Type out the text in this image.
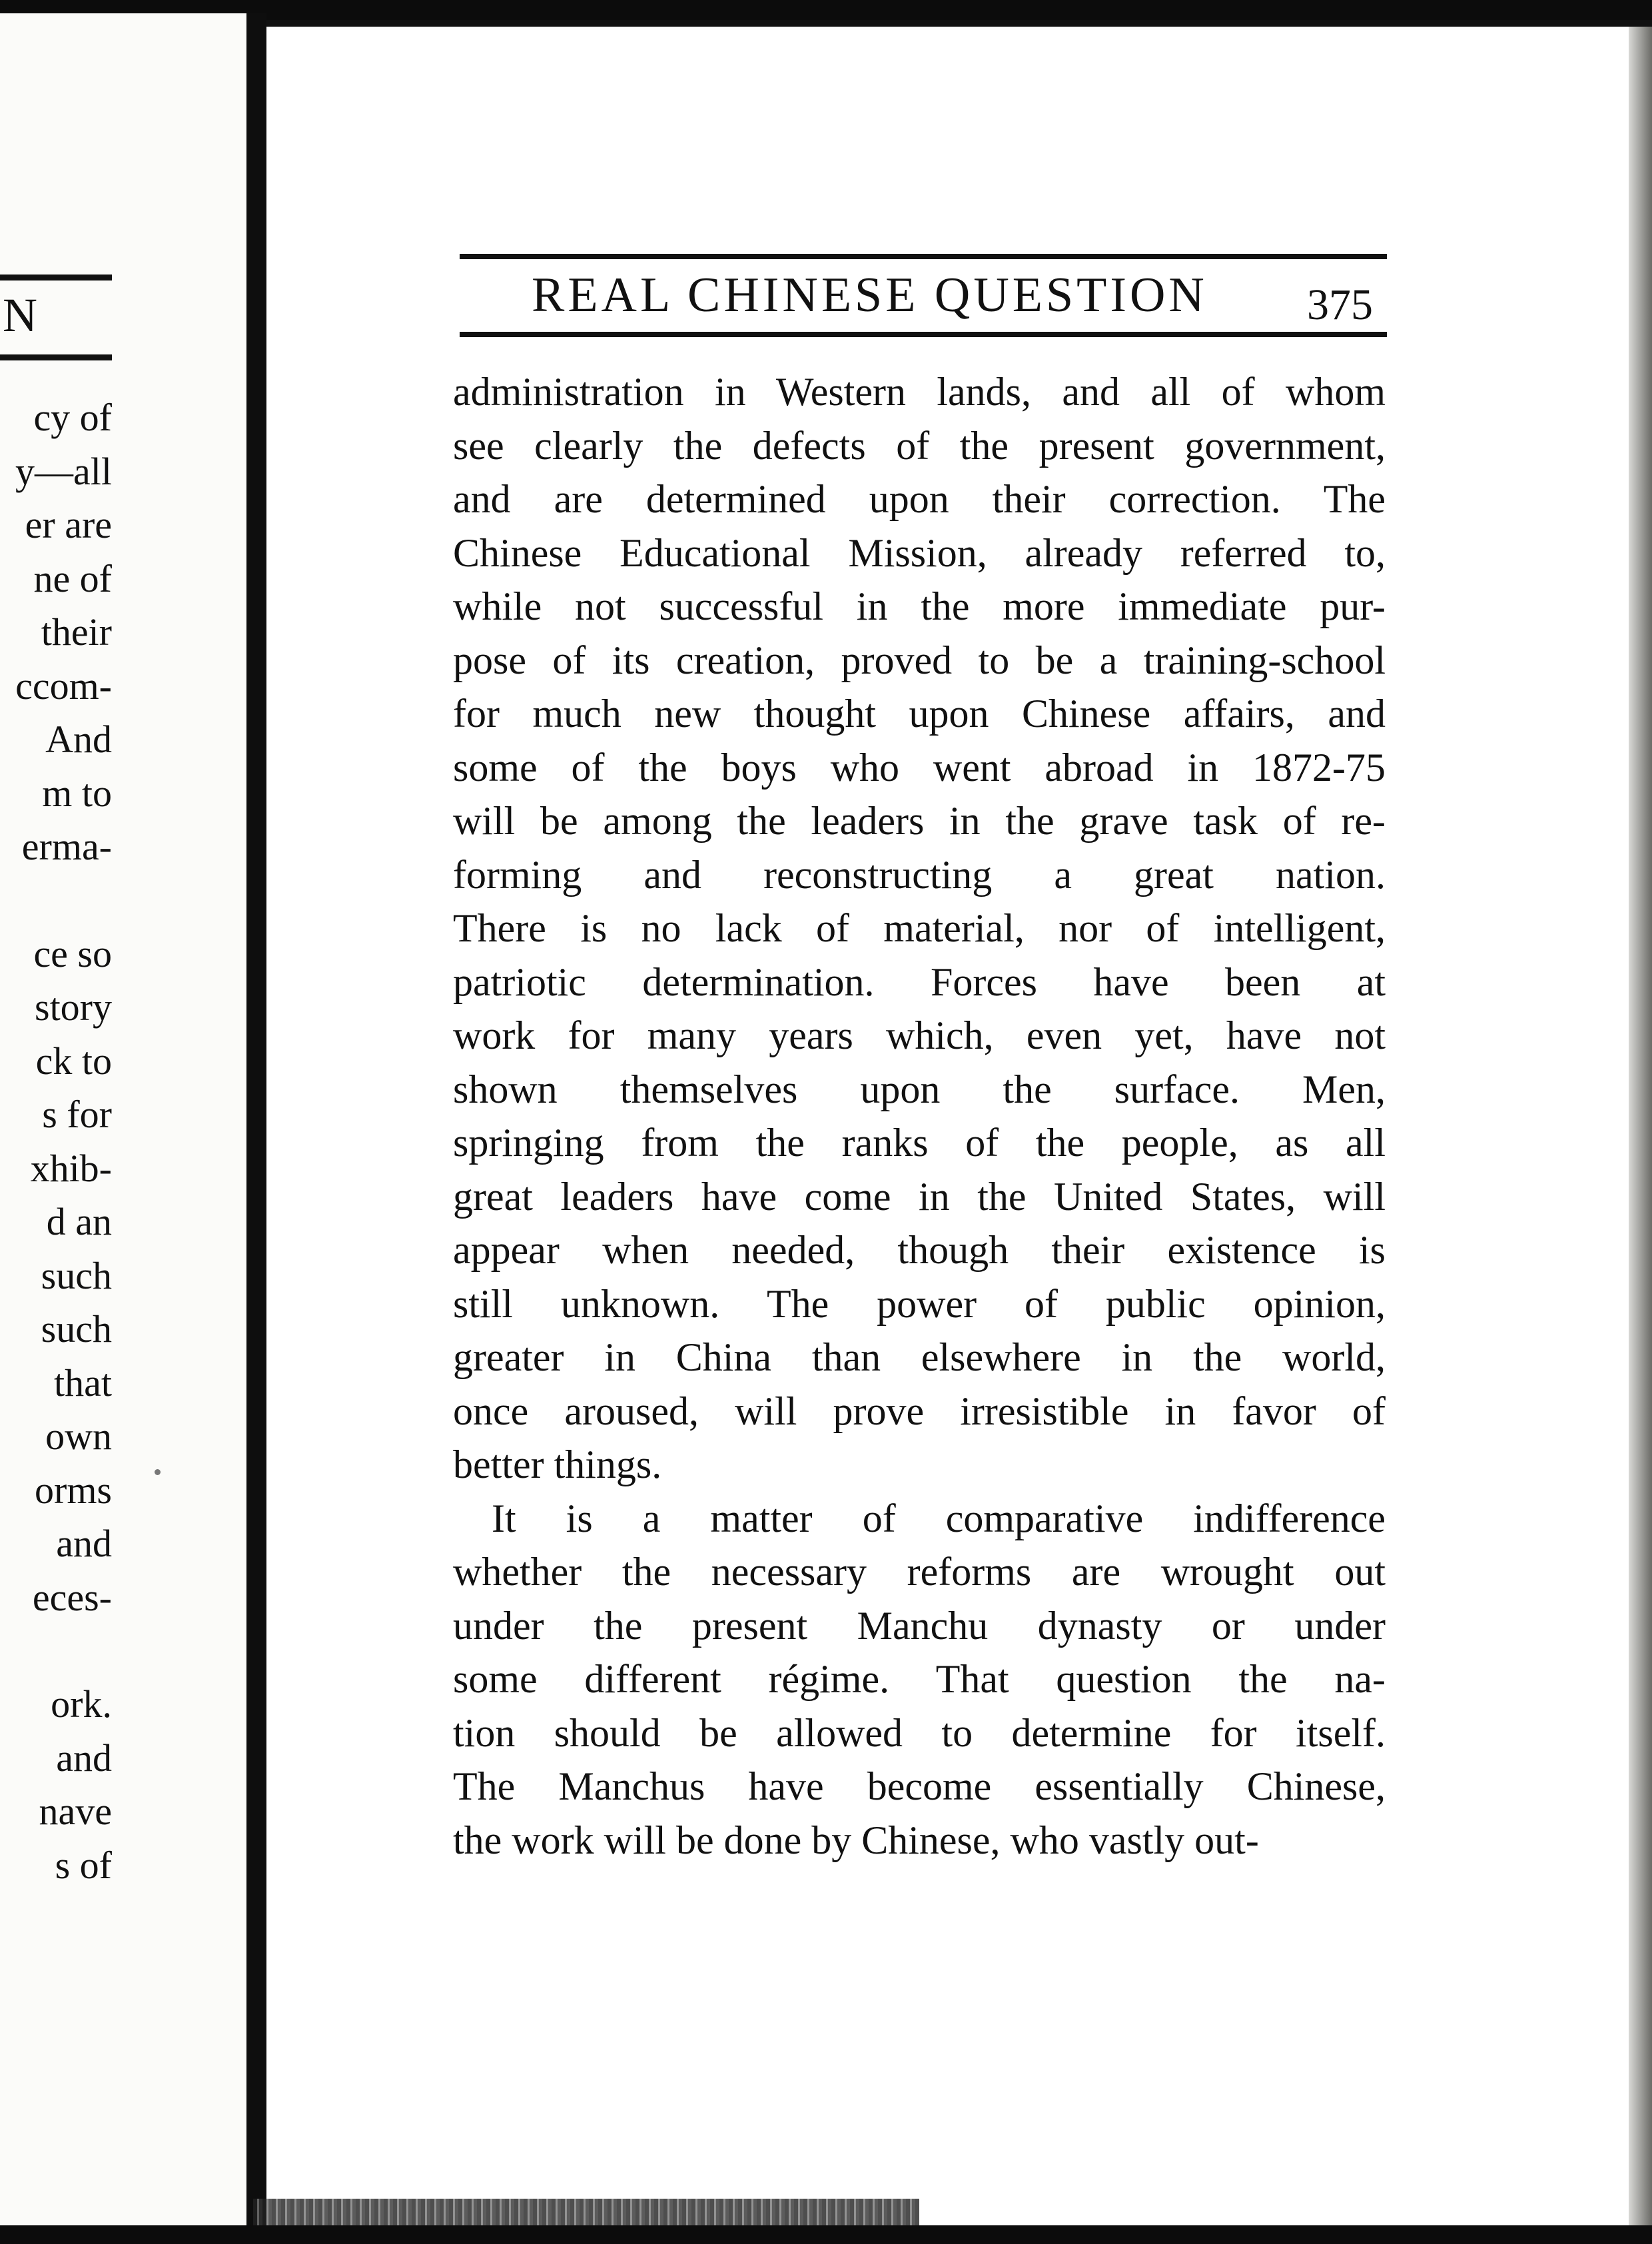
N
cy of
y—all
er are
ne of
their
ccom-
And
m to
erma-
ce so
story
ck to
s for
xhib-
d an
such
such
that
own
orms
and
eces-
ork.
and
nave
s of
REAL CHINESE QUESTION 375
administration in Western lands, and all of whom
see clearly the defects of the present government,
and are determined upon their correction. The
Chinese Educational Mission, already referred to,
while not successful in the more immediate pur-
pose of its creation, proved to be a training-school
for much new thought upon Chinese affairs, and
some of the boys who went abroad in 1872-75
will be among the leaders in the grave task of re-
forming and reconstructing a great nation.
There is no lack of material, nor of intelligent,
patriotic determination. Forces have been at
work for many years which, even yet, have not
shown themselves upon the surface. Men,
springing from the ranks of the people, as all
great leaders have come in the United States, will
appear when needed, though their existence is
still unknown. The power of public opinion,
greater in China than elsewhere in the world,
once aroused, will prove irresistible in favor of
better things.
It is a matter of comparative indifference
whether the necessary reforms are wrought out
under the present Manchu dynasty or under
some different régime. That question the na-
tion should be allowed to determine for itself.
The Manchus have become essentially Chinese,
the work will be done by Chinese, who vastly out-
